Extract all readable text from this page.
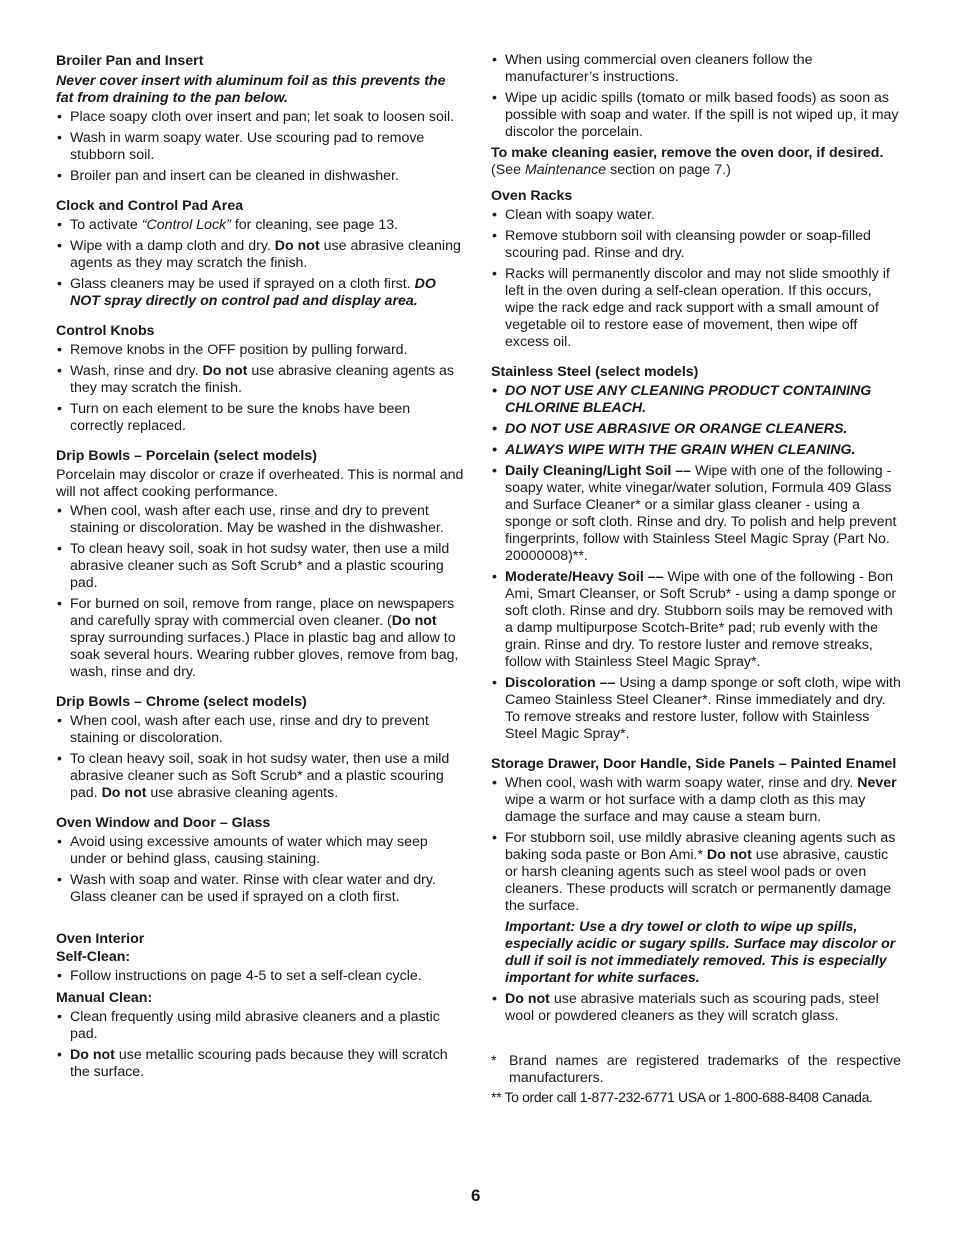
Broiler Pan and Insert

Never cover insert with aluminum foil as this prevents the fat from draining to the pan below.

• Place soapy cloth over insert and pan; let soak to loosen soil.
• Wash in warm soapy water. Use scouring pad to remove stubborn soil.
• Broiler pan and insert can be cleaned in dishwasher.
Clock and Control Pad Area
• To activate “Control Lock” for cleaning, see page 13.
• Wipe with a damp cloth and dry. Do not use abrasive cleaning agents as they may scratch the finish.
• Glass cleaners may be used if sprayed on a cloth first. DO NOT spray directly on control pad and display area.
Control Knobs
• Remove knobs in the OFF position by pulling forward.
• Wash, rinse and dry. Do not use abrasive cleaning agents as they may scratch the finish.
• Turn on each element to be sure the knobs have been correctly replaced.
Drip Bowls – Porcelain (select models)

Porcelain may discolor or craze if overheated. This is normal and will not affect cooking performance.

• When cool, wash after each use, rinse and dry to prevent staining or discoloration. May be washed in the dishwasher.
• To clean heavy soil, soak in hot sudsy water, then use a mild abrasive cleaner such as Soft Scrub* and a plastic scouring pad.
• For burned on soil, remove from range, place on newspapers and carefully spray with commercial oven cleaner. (Do not spray surrounding surfaces.) Place in plastic bag and allow to soak several hours. Wearing rubber gloves, remove from bag, wash, rinse and dry.
Drip Bowls – Chrome (select models)
• When cool, wash after each use, rinse and dry to prevent staining or discoloration.
• To clean heavy soil, soak in hot sudsy water, then use a mild abrasive cleaner such as Soft Scrub* and a plastic scouring pad. Do not use abrasive cleaning agents.
Oven Window and Door – Glass
• Avoid using excessive amounts of water which may seep under or behind glass, causing staining.
• Wash with soap and water. Rinse with clear water and dry. Glass cleaner can be used if sprayed on a cloth first.
Oven Interior
Self-Clean:
• Follow instructions on page 4-5 to set a self-clean cycle.
Manual Clean:
• Clean frequently using mild abrasive cleaners and a plastic pad.
• Do not use metallic scouring pads because they will scratch the surface.
• When using commercial oven cleaners follow the manufacturer’s instructions.
• Wipe up acidic spills (tomato or milk based foods) as soon as possible with soap and water. If the spill is not wiped up, it may discolor the porcelain.

To make cleaning easier, remove the oven door, if desired. (See Maintenance section on page 7.)

Oven Racks
• Clean with soapy water.
• Remove stubborn soil with cleansing powder or soap-filled scouring pad. Rinse and dry.
• Racks will permanently discolor and may not slide smoothly if left in the oven during a self-clean operation. If this occurs, wipe the rack edge and rack support with a small amount of vegetable oil to restore ease of movement, then wipe off excess oil.
Stainless Steel (select models)
• DO NOT USE ANY CLEANING PRODUCT CONTAINING CHLORINE BLEACH.
• DO NOT USE ABRASIVE OR ORANGE CLEANERS.
• ALWAYS WIPE WITH THE GRAIN WHEN CLEANING.
• Daily Cleaning/Light Soil –– Wipe with one of the following - soapy water, white vinegar/water solution, Formula 409 Glass and Surface Cleaner* or a similar glass cleaner - using a sponge or soft cloth. Rinse and dry. To polish and help prevent fingerprints, follow with Stainless Steel Magic Spray (Part No. 20000008)**.
• Moderate/Heavy Soil –– Wipe with one of the following - Bon Ami, Smart Cleanser, or Soft Scrub* - using a damp sponge or soft cloth. Rinse and dry. Stubborn soils may be removed with a damp multipurpose Scotch-Brite* pad; rub evenly with the grain. Rinse and dry. To restore luster and remove streaks, follow with Stainless Steel Magic Spray*.
• Discoloration –– Using a damp sponge or soft cloth, wipe with Cameo Stainless Steel Cleaner*. Rinse immediately and dry. To remove streaks and restore luster, follow with Stainless Steel Magic Spray*.
Storage Drawer, Door Handle, Side Panels – Painted Enamel
• When cool, wash with warm soapy water, rinse and dry. Never wipe a warm or hot surface with a damp cloth as this may damage the surface and may cause a steam burn.
• For stubborn soil, use mildly abrasive cleaning agents such as baking soda paste or Bon Ami.* Do not use abrasive, caustic or harsh cleaning agents such as steel wool pads or oven cleaners. These products will scratch or permanently damage the surface.

Important: Use a dry towel or cloth to wipe up spills, especially acidic or sugary spills. Surface may discolor or dull if soil is not immediately removed. This is especially important for white surfaces.

• Do not use abrasive materials such as scouring pads, steel wool or powdered cleaners as they will scratch glass.

* Brand names are registered trademarks of the respective manufacturers.

** To order call 1-877-232-6771 USA or 1-800-688-8408 Canada.

6
